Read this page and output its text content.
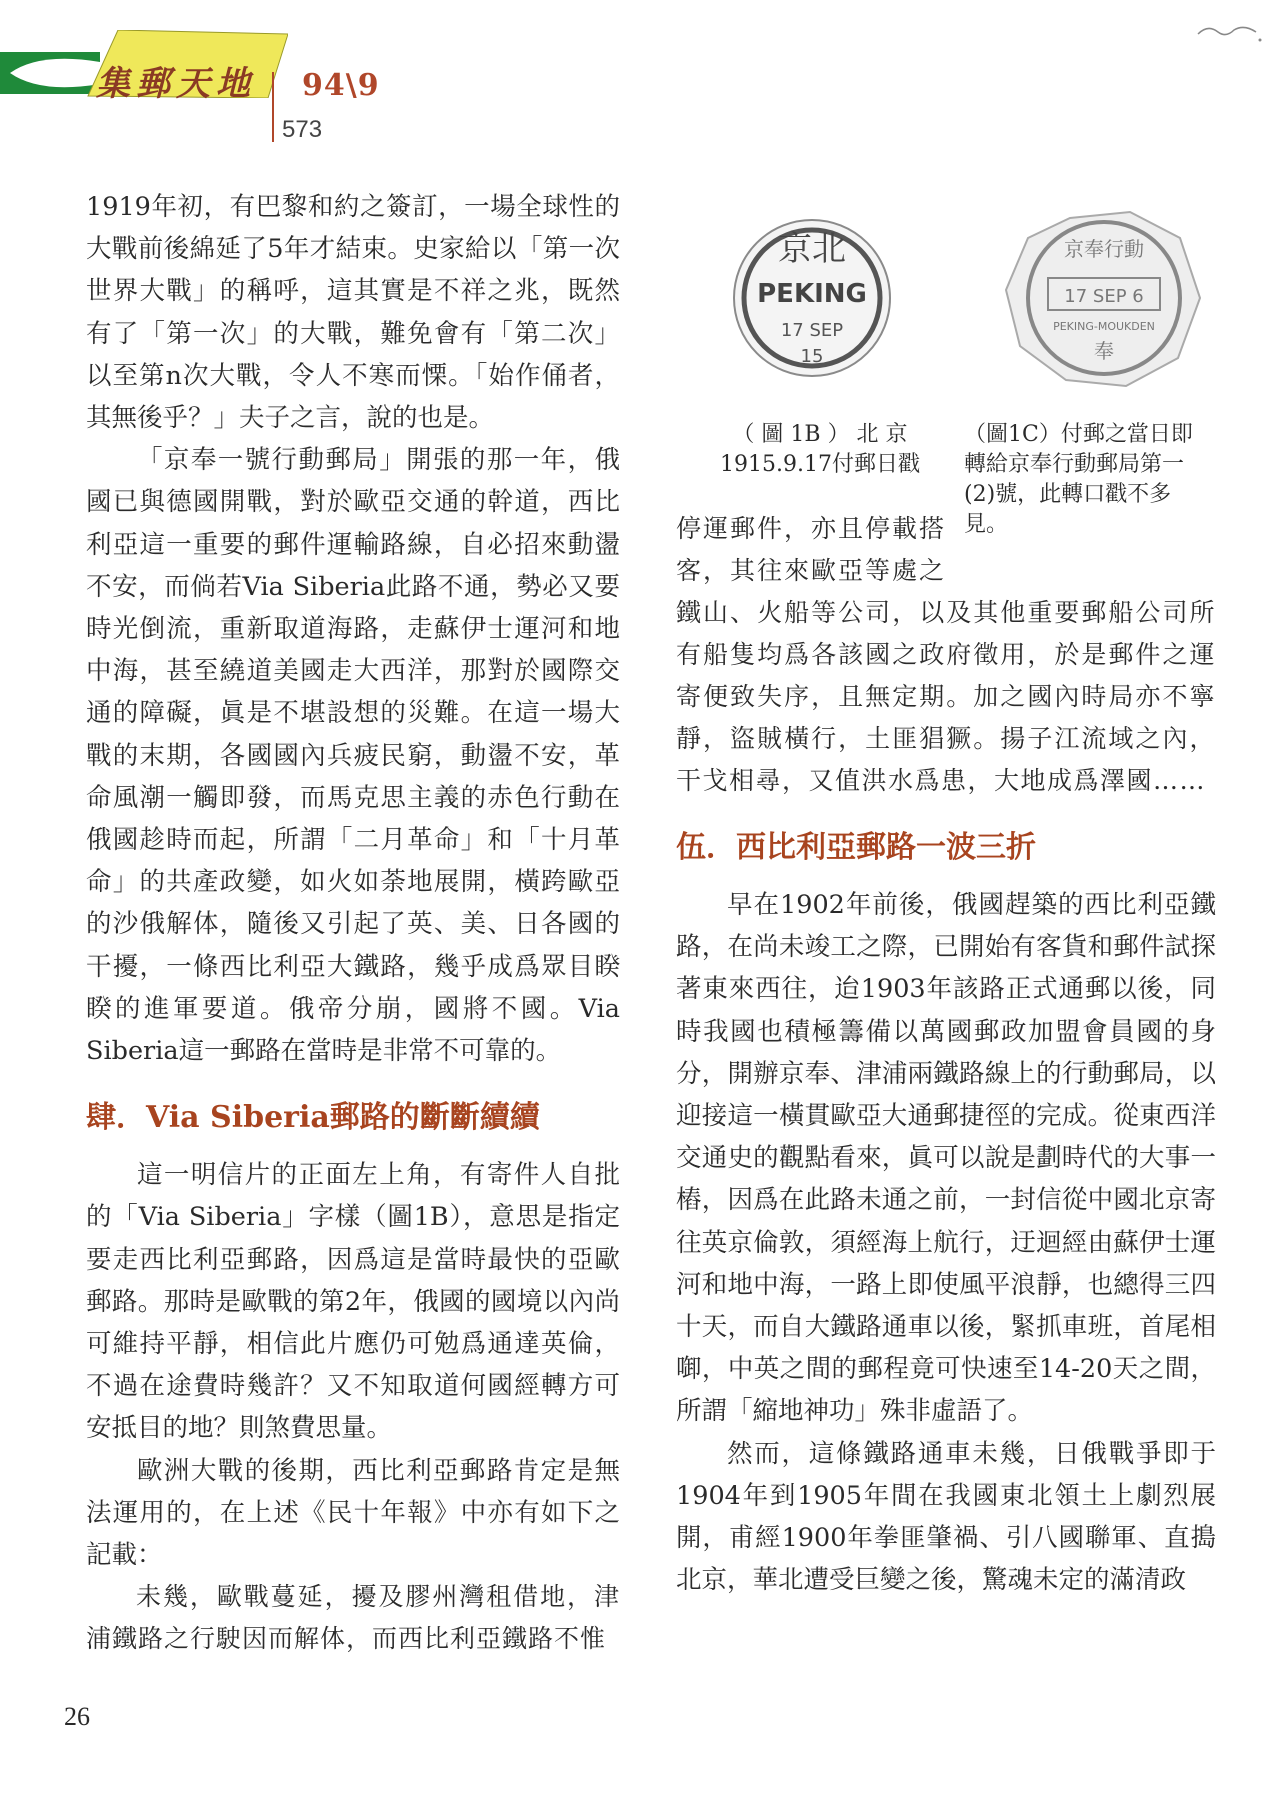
集郵天地 94\9
573

1919年初，有巴黎和約之簽訂，一場全球性的大戰前後綿延了5年才結束。史家給以「第一次世界大戰」的稱呼，這其實是不祥之兆，既然有了「第一次」的大戰，難免會有「第二次」以至第n次大戰，令人不寒而慄。「始作俑者，其無後乎？」夫子之言，說的也是。

「京奉一號行動郵局」開張的那一年，俄國已與德國開戰，對於歐亞交通的幹道，西比利亞這一重要的郵件運輸路線，自必招來動盪不安，而倘若Via Siberia此路不通，勢必又要時光倒流，重新取道海路，走蘇伊士運河和地中海，甚至繞道美國走大西洋，那對於國際交通的障礙，眞是不堪設想的災難。在這一場大戰的末期，各國國內兵疲民窮，動盪不安，革命風潮一觸即發，而馬克思主義的赤色行動在俄國趁時而起，所謂「二月革命」和「十月革命」的共產政變，如火如荼地展開，橫跨歐亞的沙俄解体，隨後又引起了英、美、日各國的干擾，一條西比利亞大鐵路，幾乎成爲眾目睽睽的進軍要道。俄帝分崩，國將不國。Via Siberia這一郵路在當時是非常不可靠的。

肆．Via Siberia郵路的斷斷續續

這一明信片的正面左上角，有寄件人自批的「Via Siberia」字樣（圖1B），意思是指定要走西比利亞郵路，因爲這是當時最快的亞歐郵路。那時是歐戰的第2年，俄國的國境以內尚可維持平靜，相信此片應仍可勉爲通達英倫，不過在途費時幾許？又不知取道何國經轉方可安抵目的地？則煞費思量。

歐洲大戰的後期，西比利亞郵路肯定是無法運用的，在上述《民十年報》中亦有如下之記載：

未幾，歐戰蔓延，擾及膠州灣租借地，津浦鐵路之行駛因而解体，而西比利亞鐵路不惟

京北
PEKING
17 SEP
15
京奉行動
17 SEP 6
PEKING-MOUKDEN
奉
（ 圖 1B ） 北 京
1915.9.17付郵日戳
（圖1C）付郵之當日即轉給京奉行動郵局第一(2)號，此轉口戳不多見。
停運郵件，亦且停載搭客，其往來歐亞等處之

鐵山、火船等公司，以及其他重要郵船公司所有船隻均爲各該國之政府徵用，於是郵件之運寄便致失序，且無定期。加之國內時局亦不寧靜，盜賊橫行，土匪猖獗。揚子江流域之內，干戈相尋，又值洪水爲患，大地成爲澤國……

伍．西比利亞郵路一波三折

早在1902年前後，俄國趕築的西比利亞鐵路，在尚未竣工之際，已開始有客貨和郵件試探著東來西往，迨1903年該路正式通郵以後，同時我國也積極籌備以萬國郵政加盟會員國的身分，開辦京奉、津浦兩鐵路線上的行動郵局，以迎接這一橫貫歐亞大通郵捷徑的完成。從東西洋交通史的觀點看來，眞可以說是劃時代的大事一樁，因爲在此路未通之前，一封信從中國北京寄往英京倫敦，須經海上航行，迂迴經由蘇伊士運河和地中海，一路上即使風平浪靜，也總得三四十天，而自大鐵路通車以後，緊抓車班，首尾相啣，中英之間的郵程竟可快速至14-20天之間，所謂「縮地神功」殊非虛語了。

然而，這條鐵路通車未幾，日俄戰爭即于1904年到1905年間在我國東北領土上劇烈展開，甫經1900年拳匪肇禍、引八國聯軍、直搗北京，華北遭受巨變之後，驚魂未定的滿清政

26
